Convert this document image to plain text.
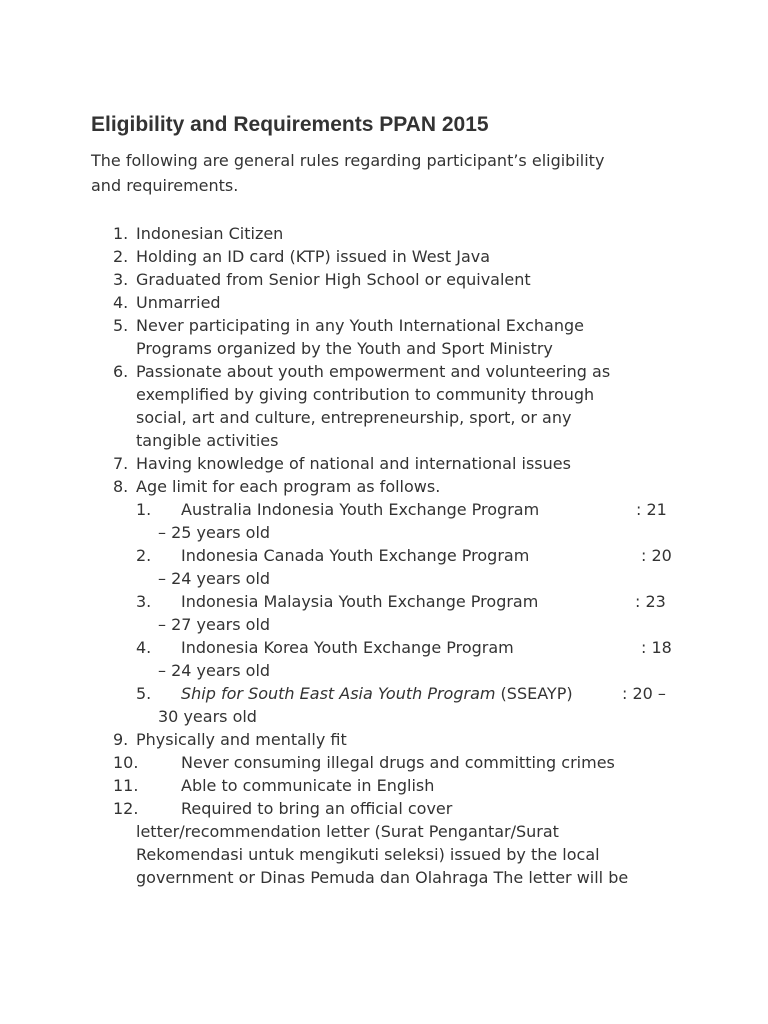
Eligibility and Requirements PPAN 2015

The following are general rules regarding participant’s eligibility
and requirements.

1. Indonesian Citizen
2. Holding an ID card (KTP) issued in West Java
3. Graduated from Senior High School or equivalent
4. Unmarried
5. Never participating in any Youth International Exchange
Programs organized by the Youth and Sport Ministry
6. Passionate about youth empowerment and volunteering as
exemplified by giving contribution to community through
social, art and culture, entrepreneurship, sport, or any
tangible activities
7. Having knowledge of national and international issues
8. Age limit for each program as follows.
1. Australia Indonesia Youth Exchange Program	: 21

– 25 years old
2. Indonesia Canada Youth Exchange Program	: 20

– 24 years old
3. Indonesia Malaysia Youth Exchange Program	: 23

– 27 years old
4. Indonesia Korea Youth Exchange Program	: 18

– 24 years old
5. Ship for South East Asia Youth Program (SSEAYP)	: 20 –

30 years old
9. Physically and mentally fit
10.	Never consuming illegal drugs and committing crimes
11.	Able to communicate in English
12.	Required to bring an official cover
letter/recommendation letter (Surat Pengantar/Surat
Rekomendasi untuk mengikuti seleksi) issued by the local
government or Dinas Pemuda dan Olahraga The letter will be
